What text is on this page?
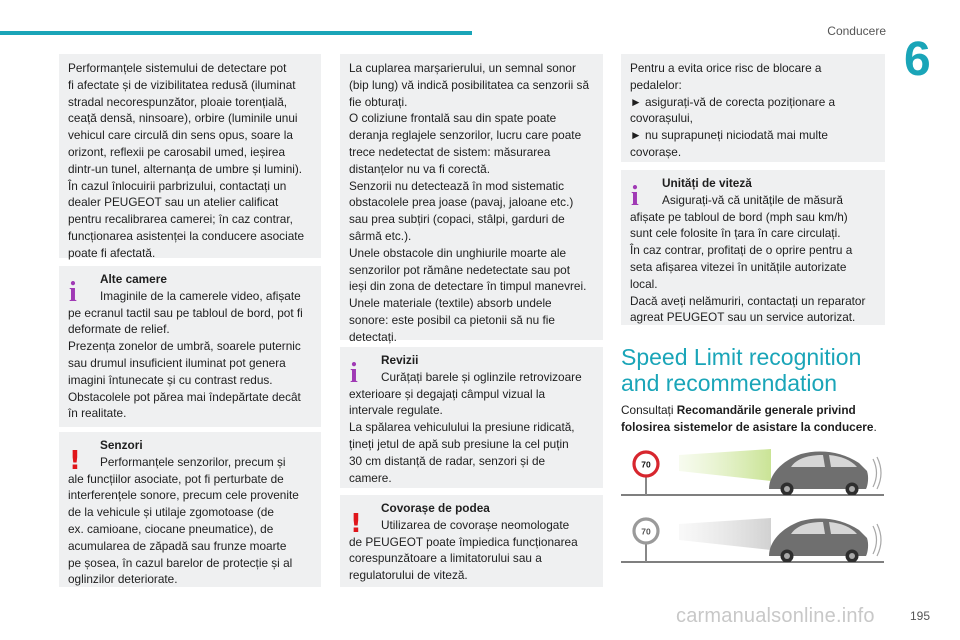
Conducere
6

Performanțele sistemului de detectare pot
fi afectate și de vizibilitatea redusă (iluminat
stradal necorespunzător, ploaie torențială,
ceață densă, ninsoare), orbire (luminile unui
vehicul care circulă din sens opus, soare la
orizont, reflexii pe carosabil umed, ieșirea
dintr-un tunel, alternanța de umbre și lumini).
În cazul înlocuirii parbrizului, contactați un
dealer PEUGEOT sau un atelier calificat
pentru recalibrarea camerei; în caz contrar,
funcționarea asistenței la conducere asociate
poate fi afectată.

i Alte camere
Imaginile de la camerele video, afișate
pe ecranul tactil sau pe tabloul de bord, pot fi
deformate de relief.
Prezența zonelor de umbră, soarele puternic
sau drumul insuficient iluminat pot genera
imagini întunecate și cu contrast redus.
Obstacolele pot părea mai îndepărtate decât
în realitate.
!
Senzori
Performanțele senzorilor, precum și
ale funcțiilor asociate, pot fi perturbate de
interferențele sonore, precum cele provenite
de la vehicule și utilaje zgomotoase (de
ex. camioane, ciocane pneumatice), de
acumularea de zăpadă sau frunze moarte
pe șosea, în cazul barelor de protecție și al
oglinzilor deteriorate.

La cuplarea marșarierului, un semnal sonor
(bip lung) vă indică posibilitatea ca senzorii să
fie obturați.
O coliziune frontală sau din spate poate
deranja reglajele senzorilor, lucru care poate
trece nedetectat de sistem: măsurarea
distanțelor nu va fi corectă.
Senzorii nu detectează în mod sistematic
obstacolele prea joase (pavaj, jaloane etc.)
sau prea subțiri (copaci, stâlpi, garduri de
sârmă etc.).
Unele obstacole din unghiurile moarte ale
senzorilor pot rămâne nedetectate sau pot
ieși din zona de detectare în timpul manevrei.
Unele materiale (textile) absorb undele
sonore: este posibil ca pietonii să nu fie
detectați.

i Revizii
Curățați barele și oglinzile retrovizoare
exterioare și degajați câmpul vizual la
intervale regulate.
La spălarea vehiculului la presiune ridicată,
țineți jetul de apă sub presiune la cel puțin
30 cm distanță de radar, senzori și de
camere.
!
Covorașe de podea
Utilizarea de covorașe neomologate
de PEUGEOT poate împiedica funcționarea
corespunzătoare a limitatorului sau a
regulatorului de viteză.

Pentru a evita orice risc de blocare a
pedalelor:
► asigurați-vă de corecta poziționare a
covorașului,
► nu suprapuneți niciodată mai multe
covorașe.

i Unități de viteză
Asigurați-vă că unitățile de măsură
afișate pe tabloul de bord (mph sau km/h)
sunt cele folosite în țara în care circulați.
În caz contrar, profitați de o oprire pentru a
seta afișarea vitezei în unitățile autorizate
local.
Dacă aveți nelămuriri, contactați un reparator
agreat PEUGEOT sau un service autorizat.
Speed Limit recognition and recommendation
Consultați Recomandările generale privind folosirea sistemelor de asistare la conducere.
70
70
carmanualsonline.info	195
